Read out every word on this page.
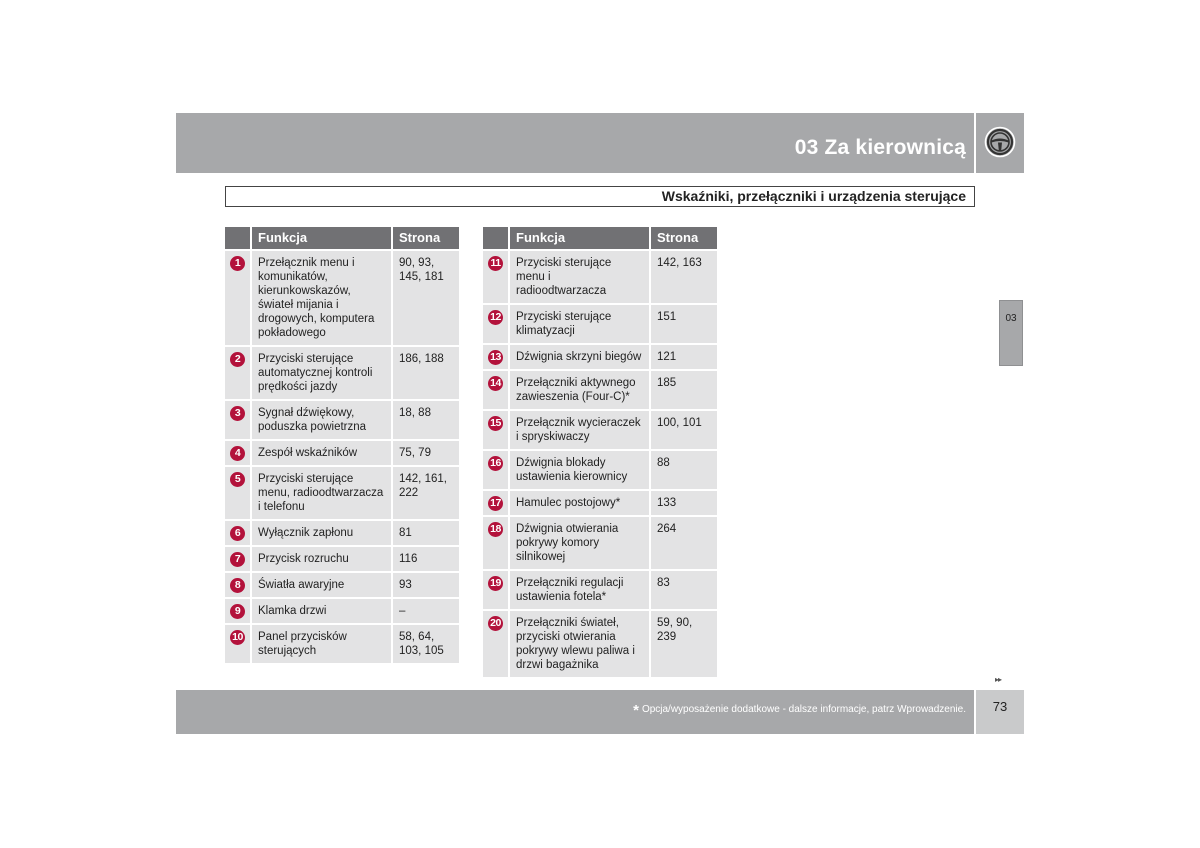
03 Za kierownicą
Wskaźniki, przełączniki i urządzenia sterujące
03
	Funkcja	Strona
1	Przełącznik menu i komunikatów, kierunkowskazów, świateł mijania i drogowych, komputera pokładowego	90, 93, 145, 181
2	Przyciski sterujące automatycznej kontroli prędkości jazdy	186, 188
3	Sygnał dźwiękowy, poduszka powietrzna	18, 88
4	Zespół wskaźników	75, 79
5	Przyciski sterujące menu, radioodtwarzacza i telefonu	142, 161, 222
6	Wyłącznik zapłonu	81
7	Przycisk rozruchu	116
8	Światła awaryjne	93
9	Klamka drzwi	–
10	Panel przycisków sterujących	58, 64, 103, 105
	Funkcja	Strona
11	Przyciski sterujące menu i radioodtwarzacza	142, 163
12	Przyciski sterujące klimatyzacji	151
13	Dźwignia skrzyni biegów	121
14	Przełączniki aktywnego zawieszenia (Four-C)*	185
15	Przełącznik wycieraczek i spryskiwaczy	100, 101
16	Dźwignia blokady ustawienia kierownicy	88
17	Hamulec postojowy*	133
18	Dźwignia otwierania pokrywy komory silnikowej	264
19	Przełączniki regulacji ustawienia fotela*	83
20	Przełączniki świateł, przyciski otwierania pokrywy wlewu paliwa i drzwi bagażnika	59, 90, 239
▸▸
* Opcja/wyposażenie dodatkowe - dalsze informacje, patrz Wprowadzenie.	73
